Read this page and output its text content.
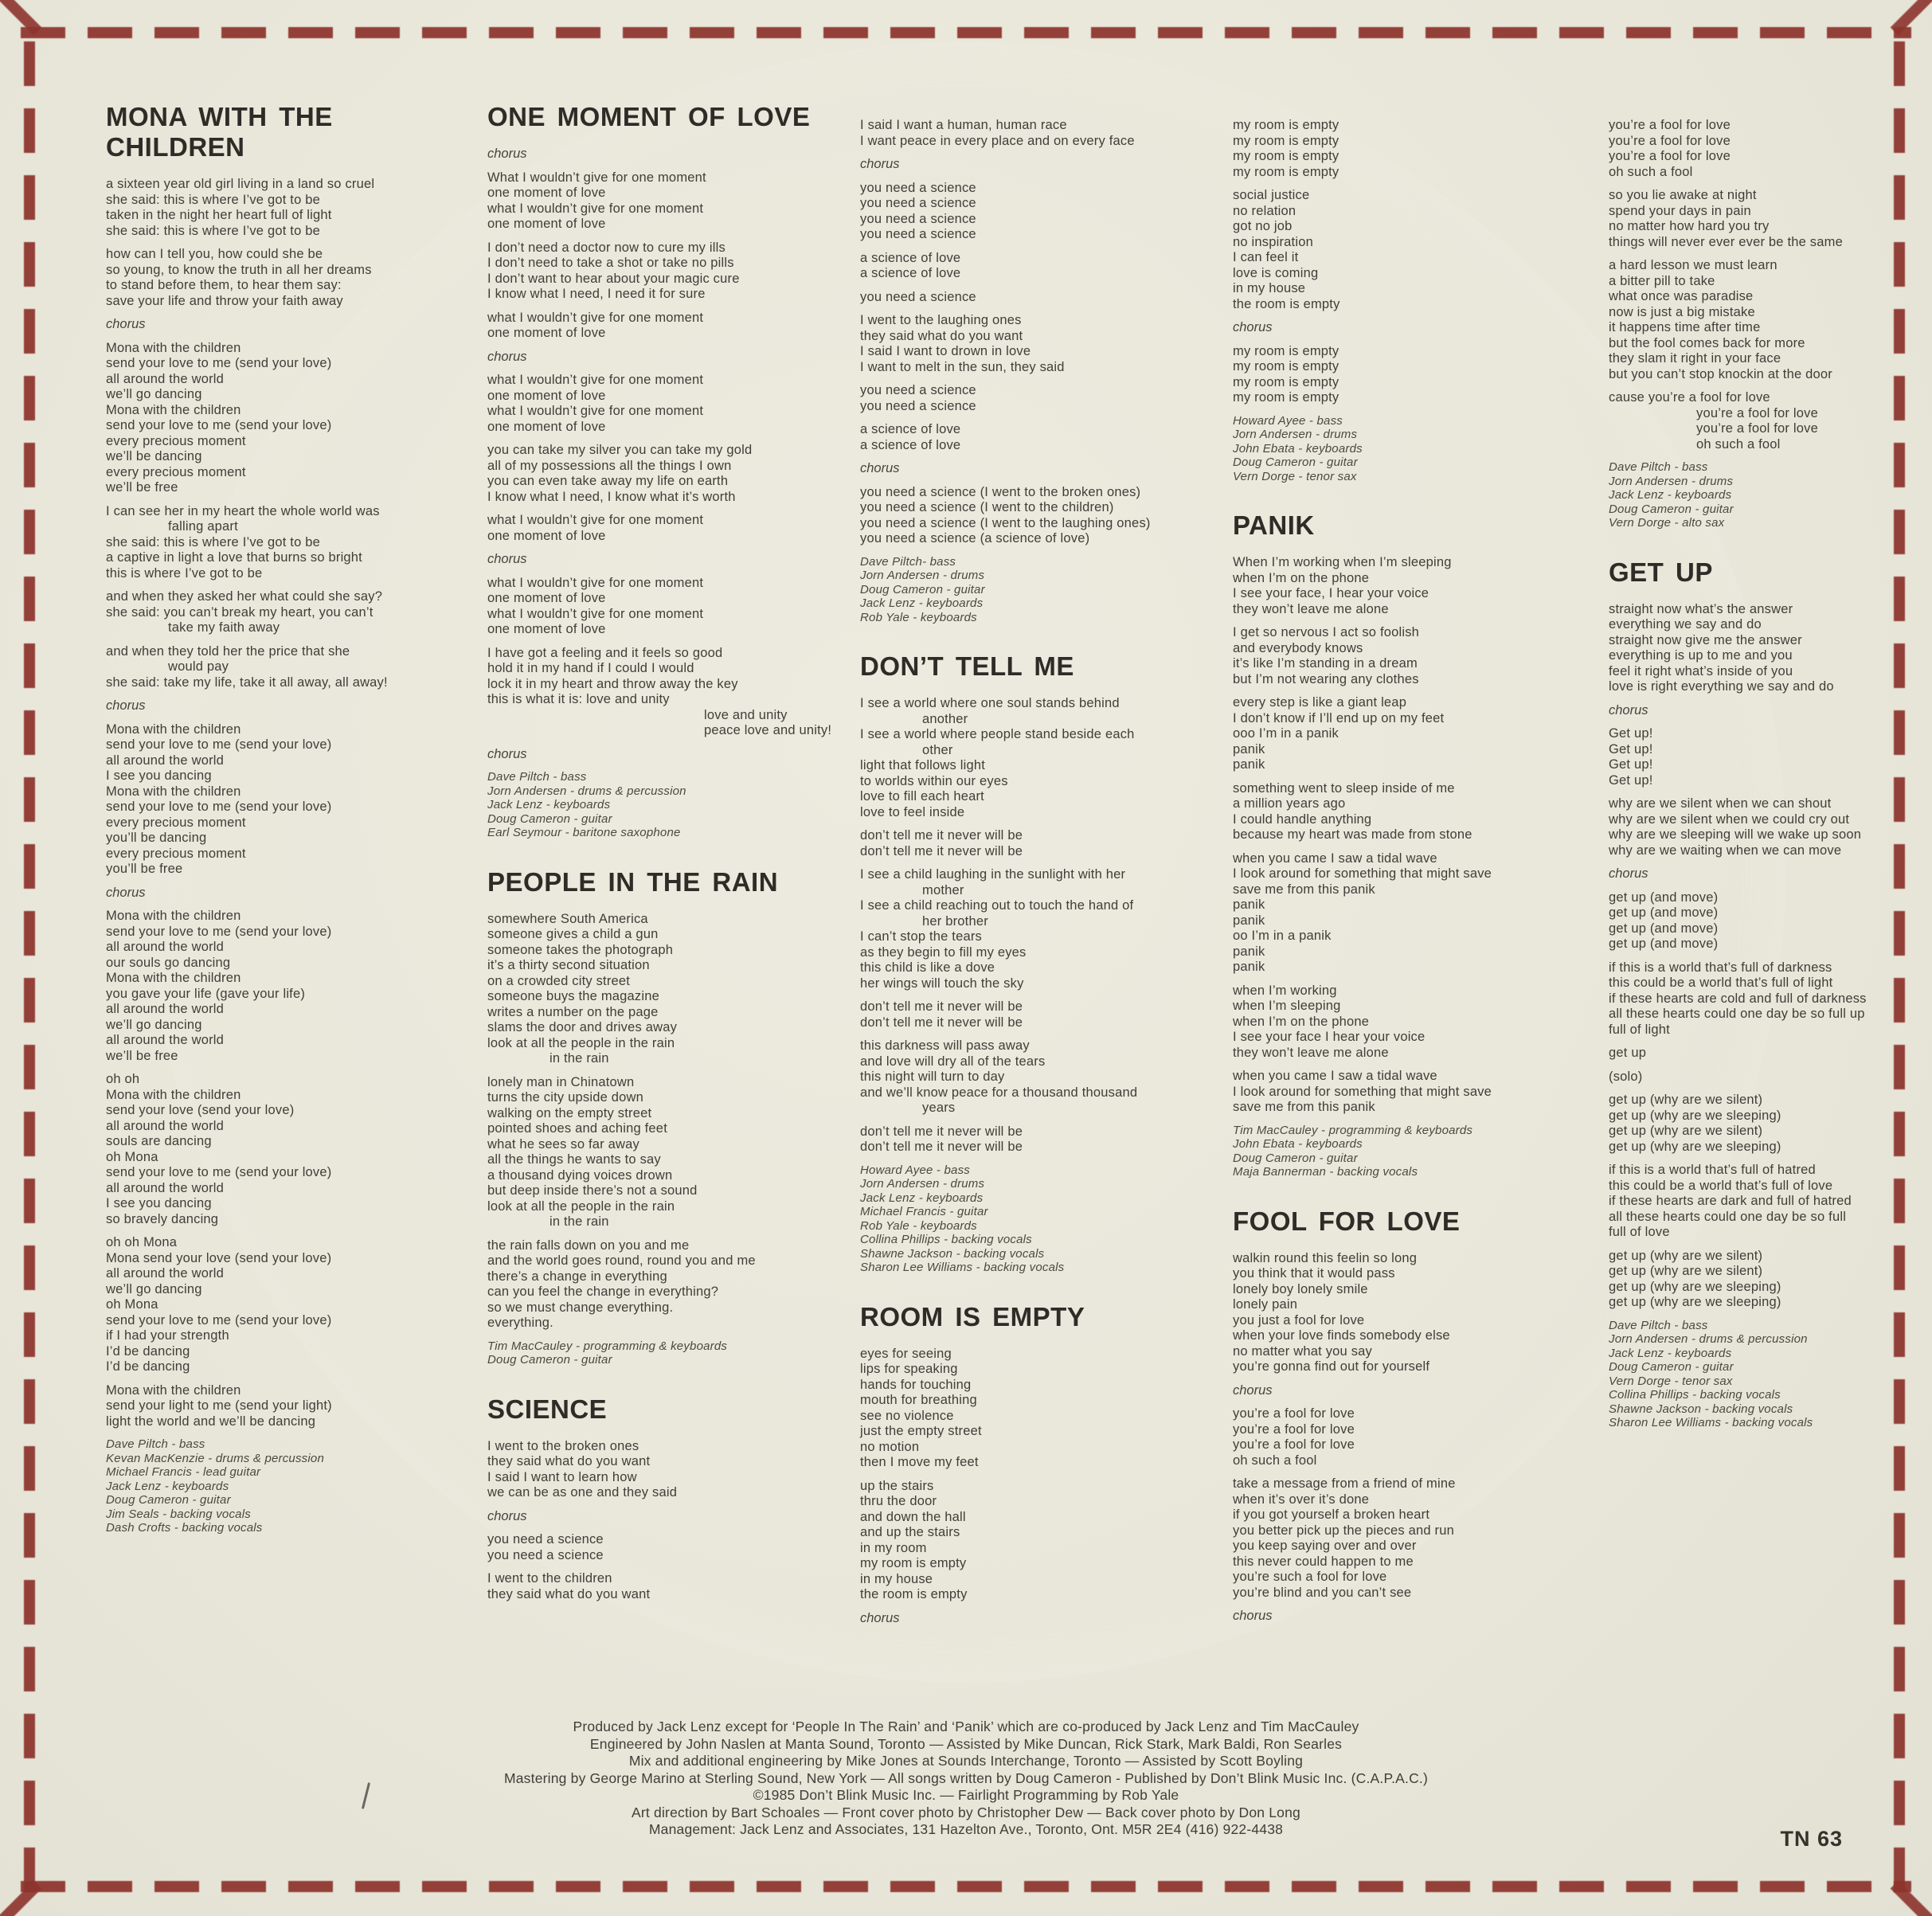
MONA WITH THE CHILDREN
a sixteen year old girl living in a land so cruel
she said: this is where I’ve got to be
taken in the night her heart full of light
she said: this is where I’ve got to be
how can I tell you, how could she be
so young, to know the truth in all her dreams
to stand before them, to hear them say:
save your life and throw your faith away
chorus
Mona with the children
send your love to me (send your love)
all around the world
we’ll go dancing
Mona with the children
send your love to me (send your love)
every precious moment
we’ll be dancing
every precious moment
we’ll be free
I can see her in my heart the whole world was
falling apart
she said: this is where I’ve got to be
a captive in light a love that burns so bright
this is where I’ve got to be
and when they asked her what could she say?
she said: you can’t break my heart, you can’t
take my faith away
and when they told her the price that she
would pay
she said: take my life, take it all away, all away!
chorus
Mona with the children
send your love to me (send your love)
all around the world
I see you dancing
Mona with the children
send your love to me (send your love)
every precious moment
you’ll be dancing
every precious moment
you’ll be free
chorus
Mona with the children
send your love to me (send your love)
all around the world
our souls go dancing
Mona with the children
you gave your life (gave your life)
all around the world
we’ll go dancing
all around the world
we’ll be free
oh oh
Mona with the children
send your love (send your love)
all around the world
souls are dancing
oh Mona
send your love to me (send your love)
all around the world
I see you dancing
so bravely dancing
oh oh Mona
Mona send your love (send your love)
all around the world
we’ll go dancing
oh Mona
send your love to me (send your love)
if I had your strength
I’d be dancing
I’d be dancing
Mona with the children
send your light to me (send your light)
light the world and we’ll be dancing
Dave Piltch - bass
Kevan MacKenzie - drums & percussion
Michael Francis - lead guitar
Jack Lenz - keyboards
Doug Cameron - guitar
Jim Seals - backing vocals
Dash Crofts - backing vocals
ONE MOMENT OF LOVE
chorus
What I wouldn’t give for one moment
one moment of love
what I wouldn’t give for one moment
one moment of love
I don’t need a doctor now to cure my ills
I don’t need to take a shot or take no pills
I don’t want to hear about your magic cure
I know what I need, I need it for sure
what I wouldn’t give for one moment
one moment of love
chorus
what I wouldn’t give for one moment
one moment of love
what I wouldn’t give for one moment
one moment of love
you can take my silver you can take my gold
all of my possessions all the things I own
you can even take away my life on earth
I know what I need, I know what it’s worth
what I wouldn’t give for one moment
one moment of love
chorus
what I wouldn’t give for one moment
one moment of love
what I wouldn’t give for one moment
one moment of love
I have got a feeling and it feels so good
hold it in my hand if I could I would
lock it in my heart and throw away the key
this is what it is: love and unity
love and unity
peace love and unity!
chorus
Dave Piltch - bass
Jorn Andersen - drums & percussion
Jack Lenz - keyboards
Doug Cameron - guitar
Earl Seymour - baritone saxophone
PEOPLE IN THE RAIN
somewhere South America
someone gives a child a gun
someone takes the photograph
it’s a thirty second situation
on a crowded city street
someone buys the magazine
writes a number on the page
slams the door and drives away
look at all the people in the rain
in the rain
lonely man in Chinatown
turns the city upside down
walking on the empty street
pointed shoes and aching feet
what he sees so far away
all the things he wants to say
a thousand dying voices drown
but deep inside there’s not a sound
look at all the people in the rain
in the rain
the rain falls down on you and me
and the world goes round, round you and me
there’s a change in everything
can you feel the change in everything?
so we must change everything.
everything.
Tim MacCauley - programming & keyboards
Doug Cameron - guitar
SCIENCE
I went to the broken ones
they said what do you want
I said I want to learn how
we can be as one and they said
chorus
you need a science
you need a science
I went to the children
they said what do you want
I said I want a human, human race
I want peace in every place and on every face
chorus
you need a science
you need a science
you need a science
you need a science
a science of love
a science of love
you need a science
I went to the laughing ones
they said what do you want
I said I want to drown in love
I want to melt in the sun, they said
you need a science
you need a science
a science of love
a science of love
chorus
you need a science (I went to the broken ones)
you need a science (I went to the children)
you need a science (I went to the laughing ones)
you need a science (a science of love)
Dave Piltch- bass
Jorn Andersen - drums
Doug Cameron - guitar
Jack Lenz - keyboards
Rob Yale - keyboards
DON’T TELL ME
I see a world where one soul stands behind
another
I see a world where people stand beside each
other
light that follows light
to worlds within our eyes
love to fill each heart
love to feel inside
don’t tell me it never will be
don’t tell me it never will be
I see a child laughing in the sunlight with her
mother
I see a child reaching out to touch the hand of
her brother
I can’t stop the tears
as they begin to fill my eyes
this child is like a dove
her wings will touch the sky
don’t tell me it never will be
don’t tell me it never will be
this darkness will pass away
and love will dry all of the tears
this night will turn to day
and we’ll know peace for a thousand thousand
years
don’t tell me it never will be
don’t tell me it never will be
Howard Ayee - bass
Jorn Andersen - drums
Jack Lenz - keyboards
Michael Francis - guitar
Rob Yale - keyboards
Collina Phillips - backing vocals
Shawne Jackson - backing vocals
Sharon Lee Williams - backing vocals
ROOM IS EMPTY
eyes for seeing
lips for speaking
hands for touching
mouth for breathing
see no violence
just the empty street
no motion
then I move my feet
up the stairs
thru the door
and down the hall
and up the stairs
in my room
my room is empty
in my house
the room is empty
chorus
my room is empty
my room is empty
my room is empty
my room is empty
social justice
no relation
got no job
no inspiration
I can feel it
love is coming
in my house
the room is empty
chorus
my room is empty
my room is empty
my room is empty
my room is empty
Howard Ayee - bass
Jorn Andersen - drums
John Ebata - keyboards
Doug Cameron - guitar
Vern Dorge - tenor sax
PANIK
When I’m working when I’m sleeping
when I’m on the phone
I see your face, I hear your voice
they won’t leave me alone
I get so nervous I act so foolish
and everybody knows
it’s like I’m standing in a dream
but I’m not wearing any clothes
every step is like a giant leap
I don’t know if I’ll end up on my feet
ooo I’m in a panik
panik
panik
something went to sleep inside of me
a million years ago
I could handle anything
because my heart was made from stone
when you came I saw a tidal wave
I look around for something that might save
save me from this panik
panik
panik
oo I’m in a panik
panik
panik
when I’m working
when I’m sleeping
when I’m on the phone
I see your face I hear your voice
they won’t leave me alone
when you came I saw a tidal wave
I look around for something that might save
save me from this panik
Tim MacCauley - programming & keyboards
John Ebata - keyboards
Doug Cameron - guitar
Maja Bannerman - backing vocals
FOOL FOR LOVE
walkin round this feelin so long
you think that it would pass
lonely boy lonely smile
lonely pain
you just a fool for love
when your love finds somebody else
no matter what you say
you’re gonna find out for yourself
chorus
you’re a fool for love
you’re a fool for love
you’re a fool for love
oh such a fool
take a message from a friend of mine
when it’s over it’s done
if you got yourself a broken heart
you better pick up the pieces and run
you keep saying over and over
this never could happen to me
you’re such a fool for love
you’re blind and you can’t see
chorus
you’re a fool for love
you’re a fool for love
you’re a fool for love
oh such a fool
so you lie awake at night
spend your days in pain
no matter how hard you try
things will never ever ever be the same
a hard lesson we must learn
a bitter pill to take
what once was paradise
now is just a big mistake
it happens time after time
but the fool comes back for more
they slam it right in your face
but you can’t stop knockin at the door
cause you’re a fool for love
you’re a fool for love
you’re a fool for love
oh such a fool
Dave Piltch - bass
Jorn Andersen - drums
Jack Lenz - keyboards
Doug Cameron - guitar
Vern Dorge - alto sax
GET UP
straight now what’s the answer
everything we say and do
straight now give me the answer
everything is up to me and you
feel it right what’s inside of you
love is right everything we say and do
chorus
Get up!
Get up!
Get up!
Get up!
why are we silent when we can shout
why are we silent when we could cry out
why are we sleeping will we wake up soon
why are we waiting when we can move
chorus
get up (and move)
get up (and move)
get up (and move)
get up (and move)
if this is a world that’s full of darkness
this could be a world that’s full of light
if these hearts are cold and full of darkness
all these hearts could one day be so full up
full of light
get up
(solo)
get up (why are we silent)
get up (why are we sleeping)
get up (why are we silent)
get up (why are we sleeping)
if this is a world that’s full of hatred
this could be a world that’s full of love
if these hearts are dark and full of hatred
all these hearts could one day be so full
full of love
get up (why are we silent)
get up (why are we silent)
get up (why are we sleeping)
get up (why are we sleeping)
Dave Piltch - bass
Jorn Andersen - drums & percussion
Jack Lenz - keyboards
Doug Cameron - guitar
Vern Dorge - tenor sax
Collina Phillips - backing vocals
Shawne Jackson - backing vocals
Sharon Lee Williams - backing vocals
Produced by Jack Lenz except for ‘People In The Rain’ and ‘Panik’ which are co-produced by Jack Lenz and Tim MacCauley
Engineered by John Naslen at Manta Sound, Toronto — Assisted by Mike Duncan, Rick Stark, Mark Baldi, Ron Searles
Mix and additional engineering by Mike Jones at Sounds Interchange, Toronto — Assisted by Scott Boyling
Mastering by George Marino at Sterling Sound, New York — All songs written by Doug Cameron - Published by Don’t Blink Music Inc. (C.A.P.A.C.)
©1985 Don’t Blink Music Inc. — Fairlight Programming by Rob Yale
Art direction by Bart Schoales — Front cover photo by Christopher Dew — Back cover photo by Don Long
Management: Jack Lenz and Associates, 131 Hazelton Ave., Toronto, Ont. M5R 2E4 (416) 922-4438	TN 63
